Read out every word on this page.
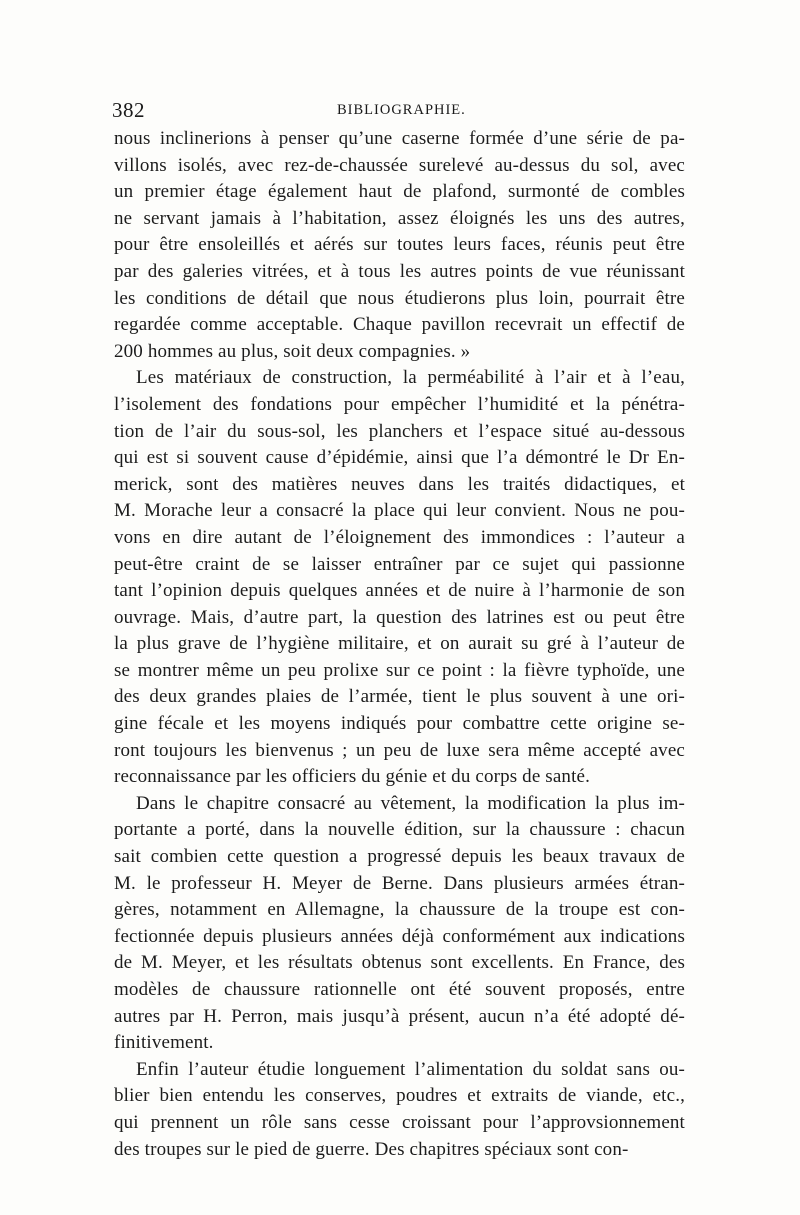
382	BIBLIOGRAPHIE.
nous inclinerions à penser qu’une caserne formée d’une série de pa-
villons isolés, avec rez-de-chaussée surelevé au-dessus du sol, avec
un premier étage également haut de plafond, surmonté de combles
ne servant jamais à l’habitation, assez éloignés les uns des autres,
pour être ensoleillés et aérés sur toutes leurs faces, réunis peut être
par des galeries vitrées, et à tous les autres points de vue réunissant
les conditions de détail que nous étudierons plus loin, pourrait être
regardée comme acceptable. Chaque pavillon recevrait un effectif de
200 hommes au plus, soit deux compagnies. »
Les matériaux de construction, la perméabilité à l’air et à l’eau,
l’isolement des fondations pour empêcher l’humidité et la pénétra-
tion de l’air du sous-sol, les planchers et l’espace situé au-dessous
qui est si souvent cause d’épidémie, ainsi que l’a démontré le Dr En-
merick, sont des matières neuves dans les traités didactiques, et
M. Morache leur a consacré la place qui leur convient. Nous ne pou-
vons en dire autant de l’éloignement des immondices : l’auteur a
peut-être craint de se laisser entraîner par ce sujet qui passionne
tant l’opinion depuis quelques années et de nuire à l’harmonie de son
ouvrage. Mais, d’autre part, la question des latrines est ou peut être
la plus grave de l’hygiène militaire, et on aurait su gré à l’auteur de
se montrer même un peu prolixe sur ce point : la fièvre typhoïde, une
des deux grandes plaies de l’armée, tient le plus souvent à une ori-
gine fécale et les moyens indiqués pour combattre cette origine se-
ront toujours les bienvenus ; un peu de luxe sera même accepté avec
reconnaissance par les officiers du génie et du corps de santé.
Dans le chapitre consacré au vêtement, la modification la plus im-
portante a porté, dans la nouvelle édition, sur la chaussure : chacun
sait combien cette question a progressé depuis les beaux travaux de
M. le professeur H. Meyer de Berne. Dans plusieurs armées étran-
gères, notamment en Allemagne, la chaussure de la troupe est con-
fectionnée depuis plusieurs années déjà conformément aux indications
de M. Meyer, et les résultats obtenus sont excellents. En France, des
modèles de chaussure rationnelle ont été souvent proposés, entre
autres par H. Perron, mais jusqu’à présent, aucun n’a été adopté dé-
finitivement.
Enfin l’auteur étudie longuement l’alimentation du soldat sans ou-
blier bien entendu les conserves, poudres et extraits de viande, etc.,
qui prennent un rôle sans cesse croissant pour l’approvsionnement
des troupes sur le pied de guerre. Des chapitres spéciaux sont con-
